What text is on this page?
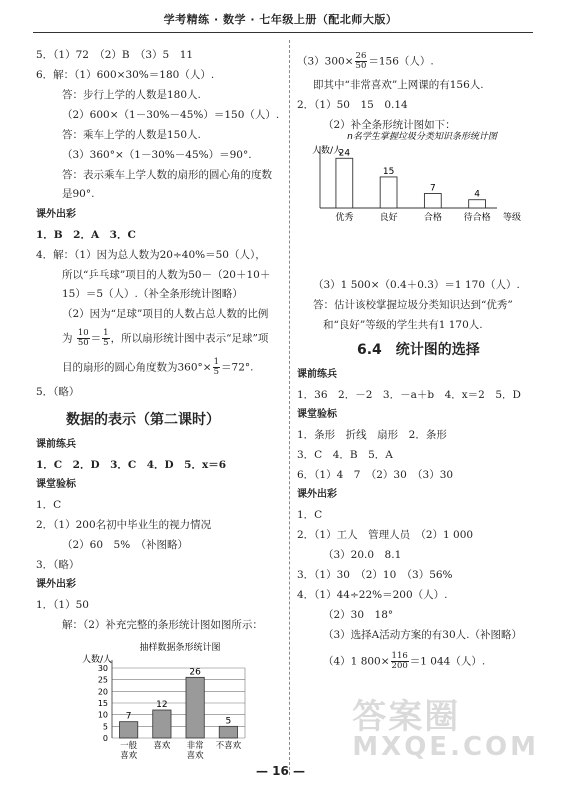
学考精练 · 数学 · 七年级上册（配北师大版）
5．（1）72　（2）B　（3）5　11
6．解：（1）600×30%＝180（人）.
答：步行上学的人数是180人.
（2）600×（1－30%－45%）＝150（人）.
答：乘车上学的人数是150人.
（3）360°×（1－30%－45%）＝90°.
答：表示乘车上学人数的扇形的圆心角的度数
是90°.
课外出彩
1．B　2．A　3．C
4．解：（1）因为总人数为20÷40%＝50（人），
所以“乒乓球”项目的人数为50－（20＋10＋
15）＝5（人）.（补全条形统计图略）
（2）因为“足球”项目的人数占总人数的比例
为 $\frac{10}{50} = \frac{1}{5}$ ，所以扇形统计图中表示“足球”项
目的扇形的圆心角度数为$360^\circ\times \frac{1}{5} =72^\circ$.
5．（略）
数据的表示（第二课时）
课前练兵
1．C　2．D　3．C　4．D　5．x＝6
课堂验标
1．C
2．（1）200名初中毕业生的视力情况
（2）60　5%　（补图略）
3．（略）
课外出彩
1．（1）50
解：（2）补充完整的条形统计图如图所示：
抽样数据条形统计图
人数/人
0
5
10
15
20
25
30
7
一般
喜欢
12
喜欢
26
非常
喜欢
5
不喜欢
$(3)300\times \frac{26}{50} =156$（人）.
即其中“非常喜欢”上网课的有156人.
2．（1）50　15　0.14
（2）补全条形统计图如下：
（3）1 500×（0.4＋0.3）＝1 170（人）.
答：估计该校掌握垃圾分类知识达到“优秀”
和“良好”等级的学生共有1 170人.
6.4　统计图的选择
课前练兵
1．36　2．－2　3．－a＋b　4．x＝2　5．D
课堂验标
1．条形　折线　扇形　2．条形
3．C　4．B　5．A
6．（1）4　7　（2）30　（3）30
课外出彩
1．C
2．（1）工人　管理人员　（2）1 000
（3）20.0　8.1
3．（1）30　（2）10　（3）56%
4．（1）44÷22%＝200（人）.
（2）30　18°
（3）选择A活动方案的有30人.（补图略）
（4）1 $800\times \frac{116}{200} =1$ 044（人）.
n名学生掌握垃圾分类知识条形统计图
人数/人
等级
24
优秀
15
良好
7
合格
4
待合格
答案圈
MXQE.COM
— 16 —
